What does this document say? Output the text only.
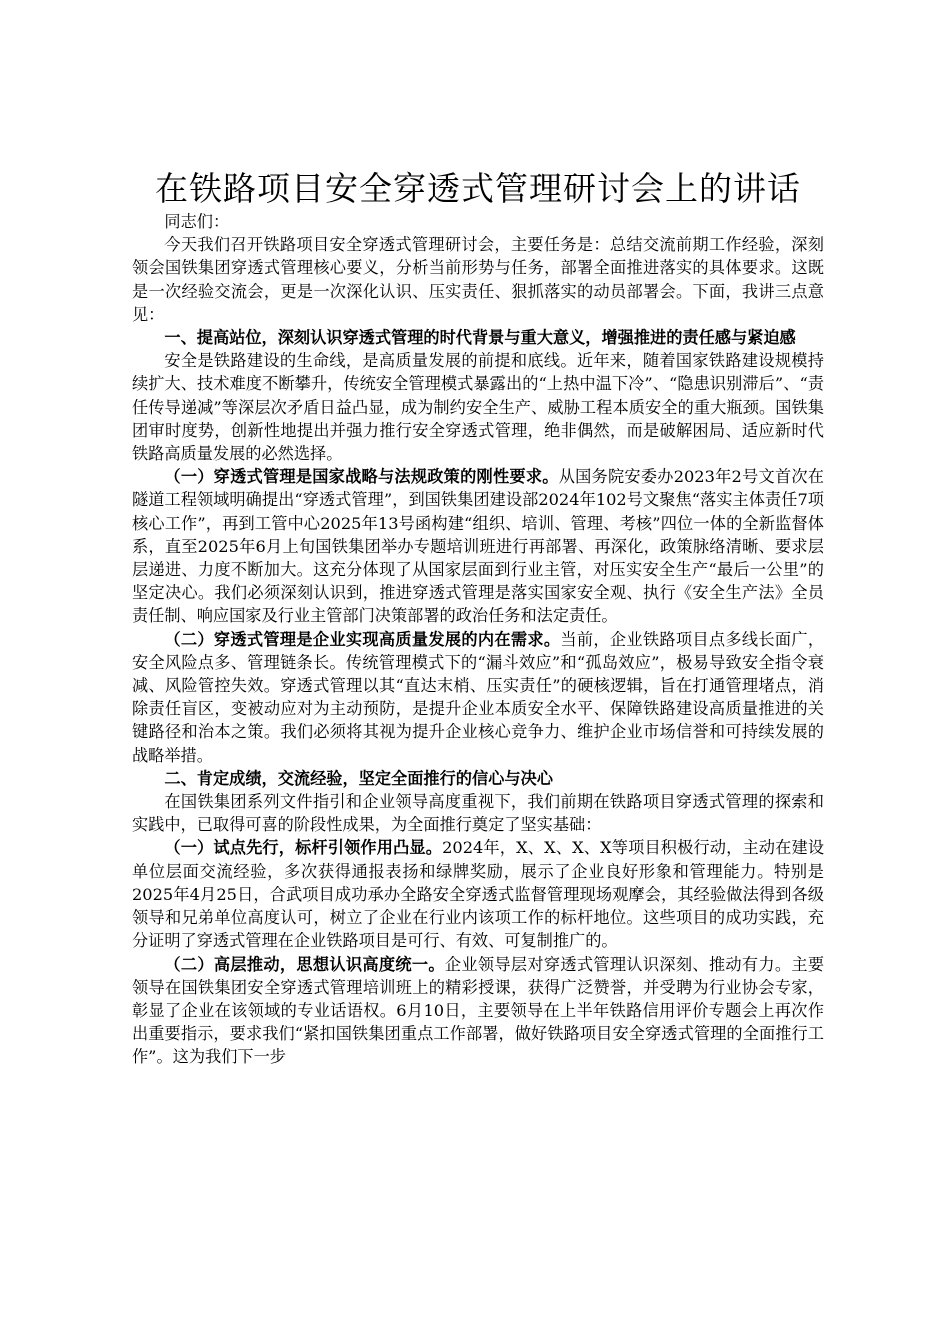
在铁路项目安全穿透式管理研讨会上的讲话

同志们：

今天我们召开铁路项目安全穿透式管理研讨会，主要任务是：总结交流前期工作经验，深刻领会国铁集团穿透式管理核心要义，分析当前形势与任务，部署全面推进落实的具体要求。这既是一次经验交流会，更是一次深化认识、压实责任、狠抓落实的动员部署会。下面，我讲三点意见：

一、提高站位，深刻认识穿透式管理的时代背景与重大意义，增强推进的责任感与紧迫感

安全是铁路建设的生命线，是高质量发展的前提和底线。近年来，随着国家铁路建设规模持续扩大、技术难度不断攀升，传统安全管理模式暴露出的“上热中温下冷”、“隐患识别滞后”、“责任传导递减”等深层次矛盾日益凸显，成为制约安全生产、威胁工程本质安全的重大瓶颈。国铁集团审时度势，创新性地提出并强力推行安全穿透式管理，绝非偶然，而是破解困局、适应新时代铁路高质量发展的必然选择。

（一）穿透式管理是国家战略与法规政策的刚性要求。从国务院安委办2023年2号文首次在隧道工程领域明确提出“穿透式管理”，到国铁集团建设部2024年102号文聚焦“落实主体责任7项核心工作”，再到工管中心2025年13号函构建“组织、培训、管理、考核”四位一体的全新监督体系，直至2025年6月上旬国铁集团举办专题培训班进行再部署、再深化，政策脉络清晰、要求层层递进、力度不断加大。这充分体现了从国家层面到行业主管，对压实安全生产“最后一公里”的坚定决心。我们必须深刻认识到，推进穿透式管理是落实国家安全观、执行《安全生产法》全员责任制、响应国家及行业主管部门决策部署的政治任务和法定责任。

（二）穿透式管理是企业实现高质量发展的内在需求。当前，企业铁路项目点多线长面广，安全风险点多、管理链条长。传统管理模式下的“漏斗效应”和“孤岛效应”，极易导致安全指令衰减、风险管控失效。穿透式管理以其“直达末梢、压实责任”的硬核逻辑，旨在打通管理堵点，消除责任盲区，变被动应对为主动预防，是提升企业本质安全水平、保障铁路建设高质量推进的关键路径和治本之策。我们必须将其视为提升企业核心竞争力、维护企业市场信誉和可持续发展的战略举措。

二、肯定成绩，交流经验，坚定全面推行的信心与决心

在国铁集团系列文件指引和企业领导高度重视下，我们前期在铁路项目穿透式管理的探索和实践中，已取得可喜的阶段性成果，为全面推行奠定了坚实基础：

（一）试点先行，标杆引领作用凸显。2024年，X、X、X、X等项目积极行动，主动在建设单位层面交流经验，多次获得通报表扬和绿牌奖励，展示了企业良好形象和管理能力。特别是2025年4月25日，合武项目成功承办全路安全穿透式监督管理现场观摩会，其经验做法得到各级领导和兄弟单位高度认可，树立了企业在行业内该项工作的标杆地位。这些项目的成功实践，充分证明了穿透式管理在企业铁路项目是可行、有效、可复制推广的。

（二）高层推动，思想认识高度统一。企业领导层对穿透式管理认识深刻、推动有力。主要领导在国铁集团安全穿透式管理培训班上的精彩授课，获得广泛赞誉，并受聘为行业协会专家，彰显了企业在该领域的专业话语权。6月10日，主要领导在上半年铁路信用评价专题会上再次作出重要指示，要求我们“紧扣国铁集团重点工作部署，做好铁路项目安全穿透式管理的全面推行工作”。这为我们下一步
